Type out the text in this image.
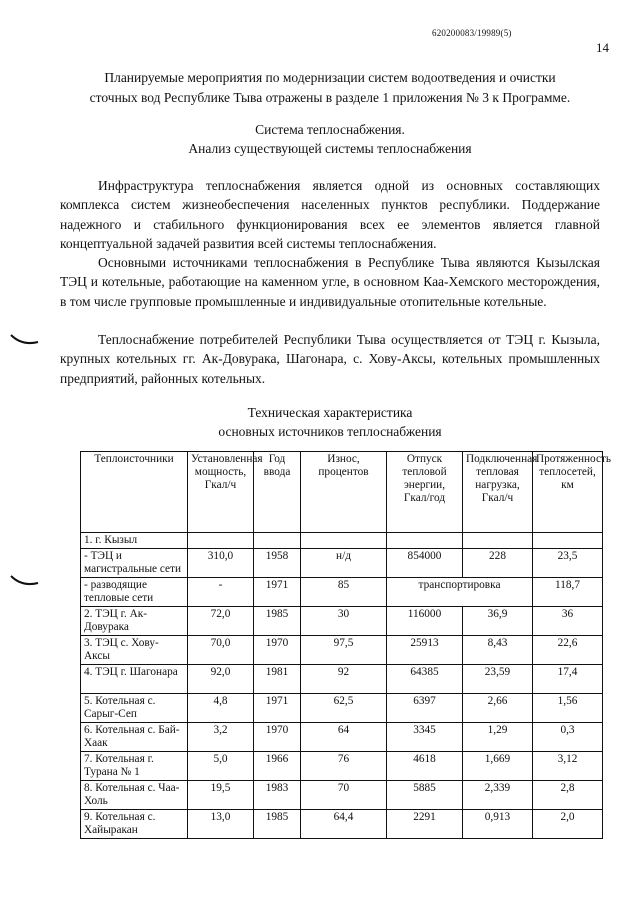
620200083/19989(5)
14

Планируемые мероприятия по модернизации систем водоотведения и очистки

сточных вод Республике Тыва отражены в разделе 1 приложения № 3 к Программе.

Система теплоснабжения.

Анализ существующей системы теплоснабжения

Инфраструктура теплоснабжения является одной из основных составляющих комплекса систем жизнеобеспечения населенных пунктов республики. Поддержание надежного и стабильного функционирования всех ее элементов является главной концептуальной задачей развития всей системы теплоснабжения.

Основными источниками теплоснабжения в Республике Тыва являются Кызылская ТЭЦ и котельные, работающие на каменном угле, в основном Каа-Хемского месторождения, в том числе групповые промышленные и индивидуальные отопительные котельные.

Теплоснабжение потребителей Республики Тыва осуществляется от ТЭЦ г. Кызыла, крупных котельных гг. Ак-Довурака, Шагонара, с. Хову-Аксы, котельных промышленных предприятий, районных котельных.

Техническая характеристика

основных источников теплоснабжения

Теплоисточники	Установленная мощность, Гкал/ч	Год ввода	Износ, процентов	Отпуск тепловой энергии, Гкал/год	Подключенная тепловая нагрузка, Гкал/ч	Протяженность теплосетей, км
1. г. Кызыл						
- ТЭЦ и магистральные сети	310,0	1958	н/д	854000	228	23,5
- разводящие тепловые сети	-	1971	85	транспортировка		118,7
2. ТЭЦ г. Ак-Довурака	72,0	1985	30	116000	36,9	36
3. ТЭЦ с. Хову-Аксы	70,0	1970	97,5	25913	8,43	22,6
4. ТЭЦ г. Шагонара	92,0	1981	92	64385	23,59	17,4
5. Котельная с. Сарыг-Сеп	4,8	1971	62,5	6397	2,66	1,56
6. Котельная с. Бай-Хаак	3,2	1970	64	3345	1,29	0,3
7. Котельная г. Турана № 1	5,0	1966	76	4618	1,669	3,12
8. Котельная с. Чаа-Холь	19,5	1983	70	5885	2,339	2,8
9. Котельная с. Хайыракан	13,0	1985	64,4	2291	0,913	2,0
